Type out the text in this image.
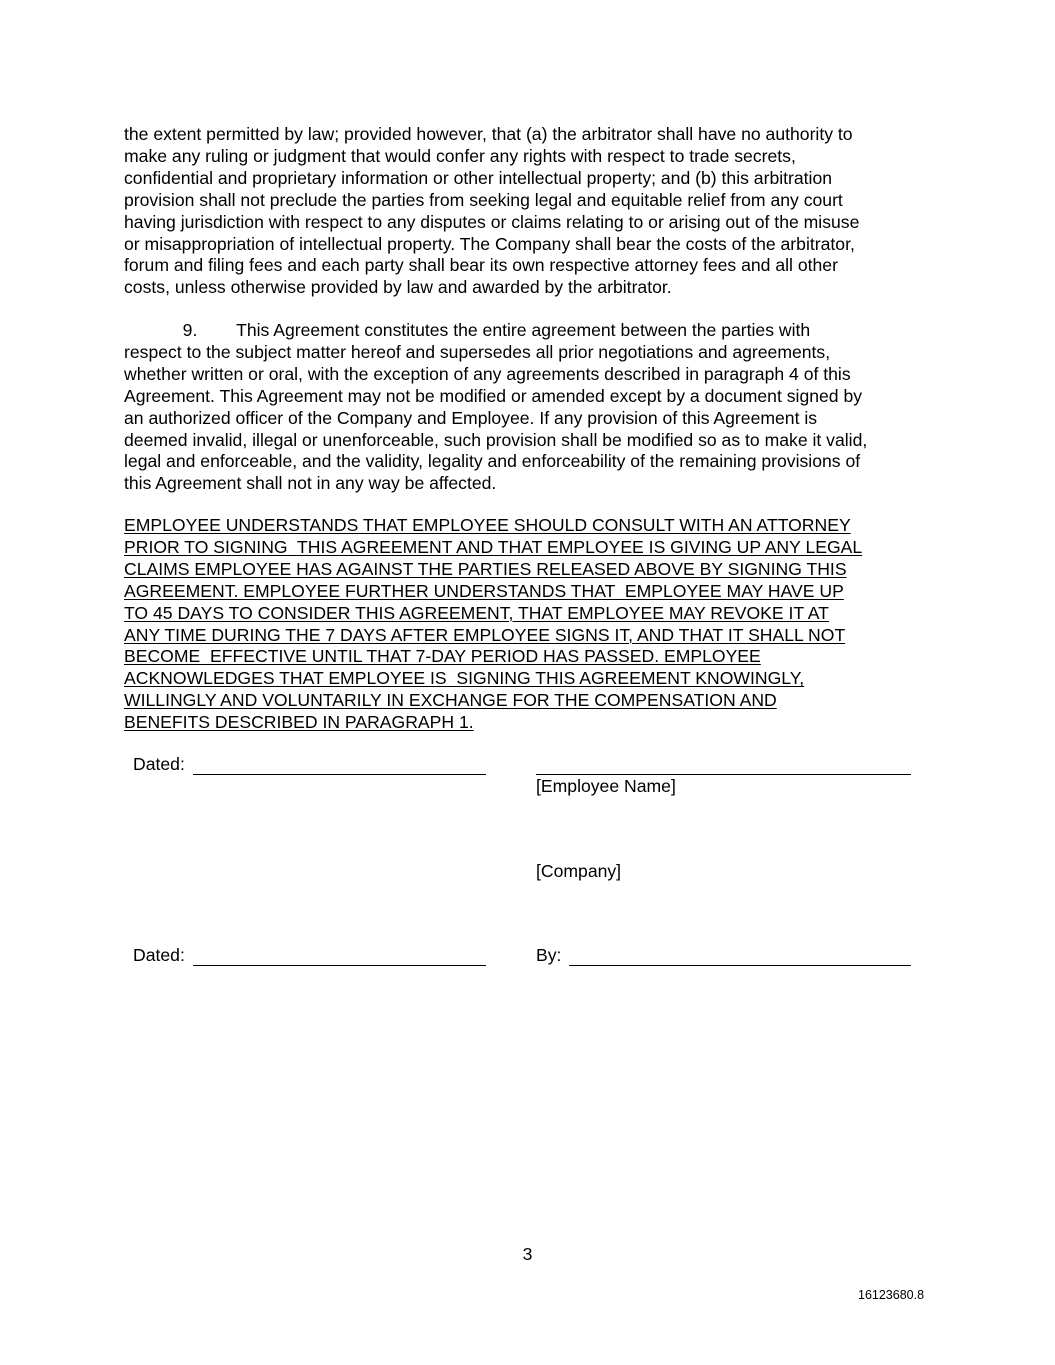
the extent permitted by law; provided however, that (a) the arbitrator shall have no authority to
make any ruling or judgment that would confer any rights with respect to trade secrets,
confidential and proprietary information or other intellectual property; and (b) this arbitration
provision shall not preclude the parties from seeking legal and equitable relief from any court
having jurisdiction with respect to any disputes or claims relating to or arising out of the misuse
or misappropriation of intellectual property. The Company shall bear the costs of the arbitrator,
forum and filing fees and each party shall bear its own respective attorney fees and all other
costs, unless otherwise provided by law and awarded by the arbitrator.
9.        This Agreement constitutes the entire agreement between the parties with
respect to the subject matter hereof and supersedes all prior negotiations and agreements,
whether written or oral, with the exception of any agreements described in paragraph 4 of this
Agreement. This Agreement may not be modified or amended except by a document signed by
an authorized officer of the Company and Employee. If any provision of this Agreement is
deemed invalid, illegal or unenforceable, such provision shall be modified so as to make it valid,
legal and enforceable, and the validity, legality and enforceability of the remaining provisions of
this Agreement shall not in any way be affected.
EMPLOYEE UNDERSTANDS THAT EMPLOYEE SHOULD CONSULT WITH AN ATTORNEY
PRIOR TO SIGNING  THIS AGREEMENT AND THAT EMPLOYEE IS GIVING UP ANY LEGAL
CLAIMS EMPLOYEE HAS AGAINST THE PARTIES RELEASED ABOVE BY SIGNING THIS
AGREEMENT. EMPLOYEE FURTHER UNDERSTANDS THAT  EMPLOYEE MAY HAVE UP
TO 45 DAYS TO CONSIDER THIS AGREEMENT, THAT EMPLOYEE MAY REVOKE IT AT
ANY TIME DURING THE 7 DAYS AFTER EMPLOYEE SIGNS IT, AND THAT IT SHALL NOT
BECOME  EFFECTIVE UNTIL THAT 7-DAY PERIOD HAS PASSED. EMPLOYEE
ACKNOWLEDGES THAT EMPLOYEE IS  SIGNING THIS AGREEMENT KNOWINGLY,
WILLINGLY AND VOLUNTARILY IN EXCHANGE FOR THE COMPENSATION AND
BENEFITS DESCRIBED IN PARAGRAPH 1.
Dated:
[Employee Name]
[Company]
Dated:	By:
3
16123680.8
